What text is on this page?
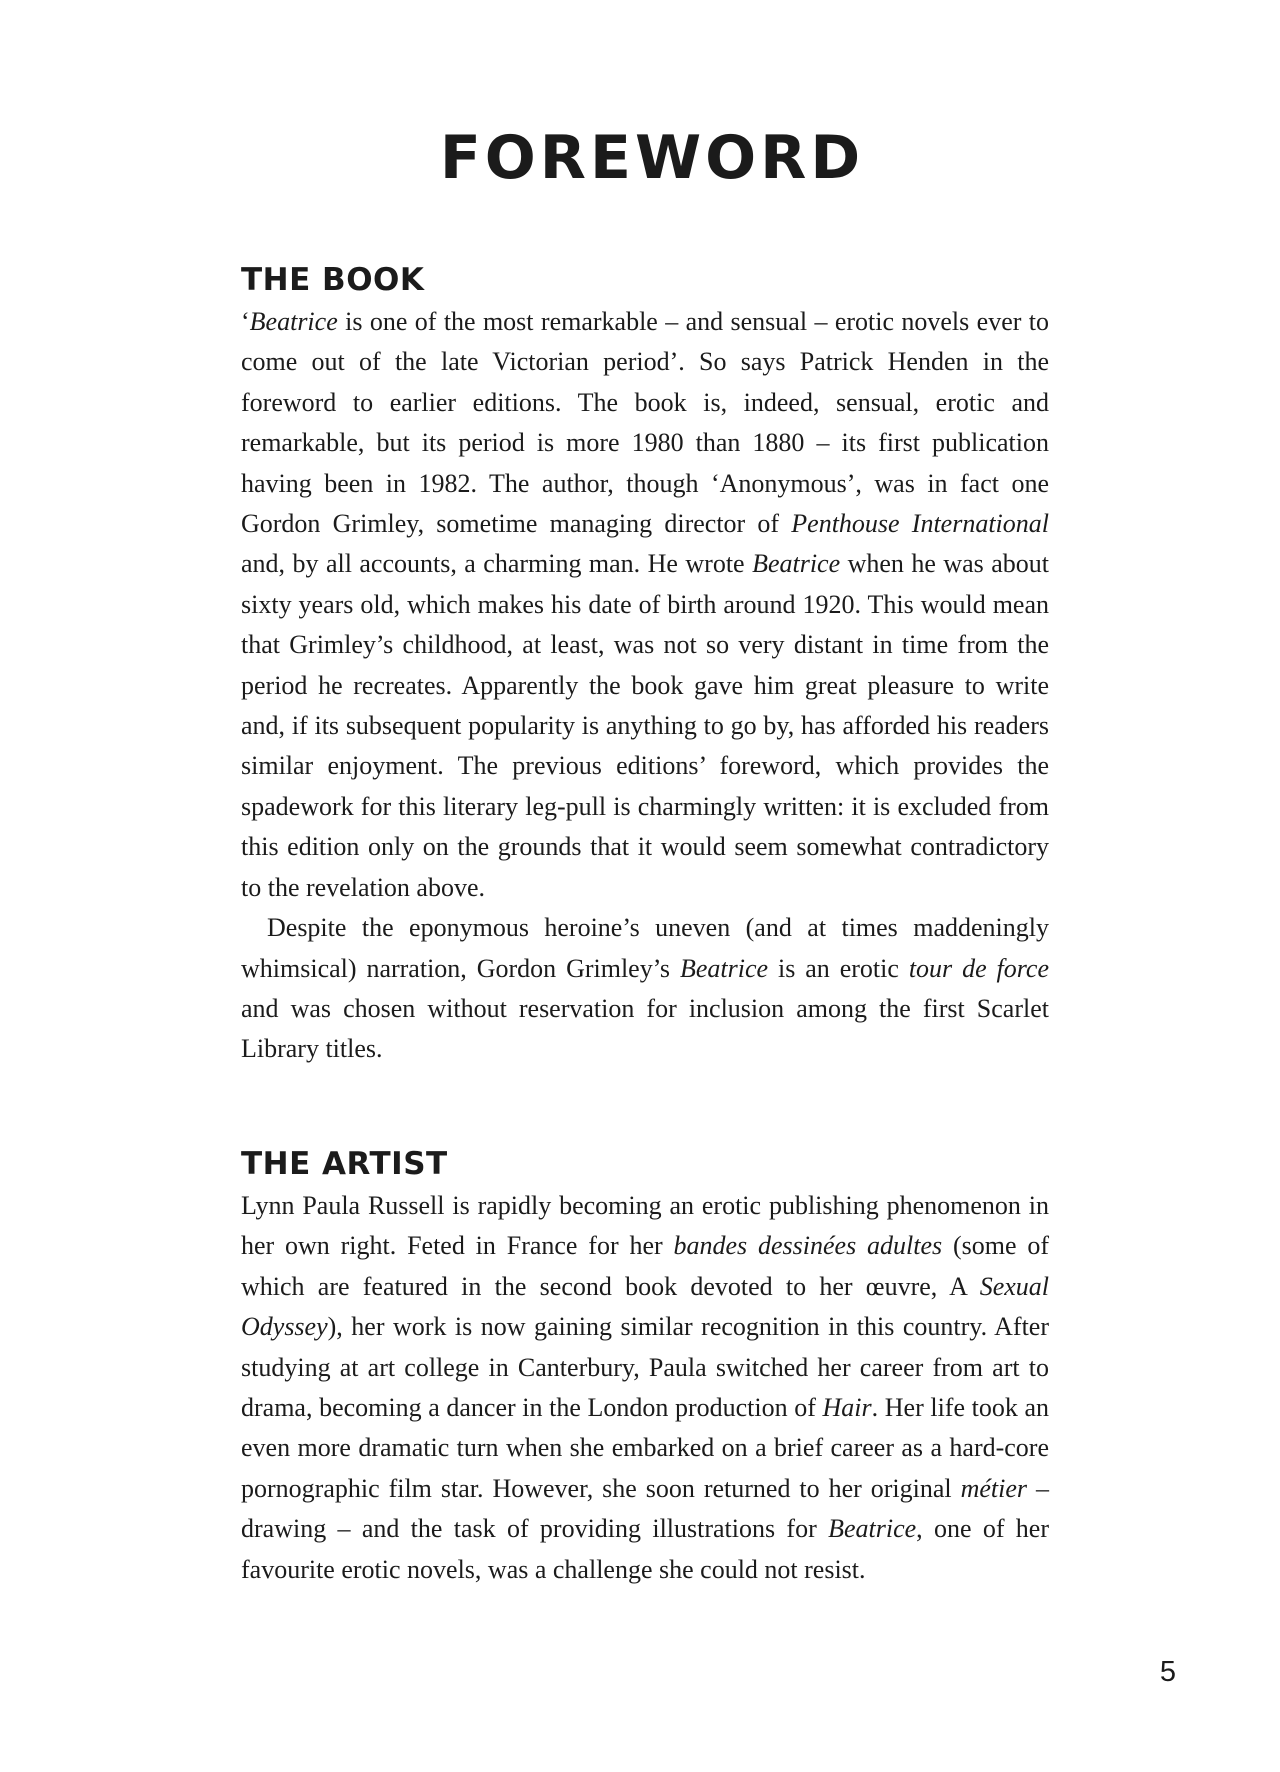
FOREWORD
THE BOOK

‘Beatrice is one of the most remarkable – and sensual – erotic novels ever to come out of the late Victorian period’. So says Patrick Henden in the foreword to earlier editions. The book is, indeed, sensual, erotic and remarkable, but its period is more 1980 than 1880 – its first publication having been in 1982. The author, though ‘Anonymous’, was in fact one Gordon Grimley, sometime managing director of Penthouse International and, by all accounts, a charming man. He wrote Beatrice when he was about sixty years old, which makes his date of birth around 1920. This would mean that Grimley’s childhood, at least, was not so very distant in time from the period he recreates. Apparently the book gave him great pleasure to write and, if its subsequent popularity is anything to go by, has afforded his readers similar enjoyment. The previous editions’ foreword, which provides the spadework for this literary leg-pull is charmingly written: it is excluded from this edition only on the grounds that it would seem somewhat contradictory to the revelation above.

Despite the eponymous heroine’s uneven (and at times maddeningly whimsical) narration, Gordon Grimley’s Beatrice is an erotic tour de force and was chosen without reservation for inclusion among the first Scarlet Library titles.

THE ARTIST

Lynn Paula Russell is rapidly becoming an erotic publishing phenomenon in her own right. Feted in France for her bandes dessinées adultes (some of which are featured in the second book devoted to her œuvre, A Sexual Odyssey), her work is now gaining similar recognition in this country. After studying at art college in Canterbury, Paula switched her career from art to drama, becoming a dancer in the London production of Hair. Her life took an even more dramatic turn when she embarked on a brief career as a hard-core pornographic film star. However, she soon returned to her original métier – drawing – and the task of providing illustrations for Beatrice, one of her favourite erotic novels, was a challenge she could not resist.

5
